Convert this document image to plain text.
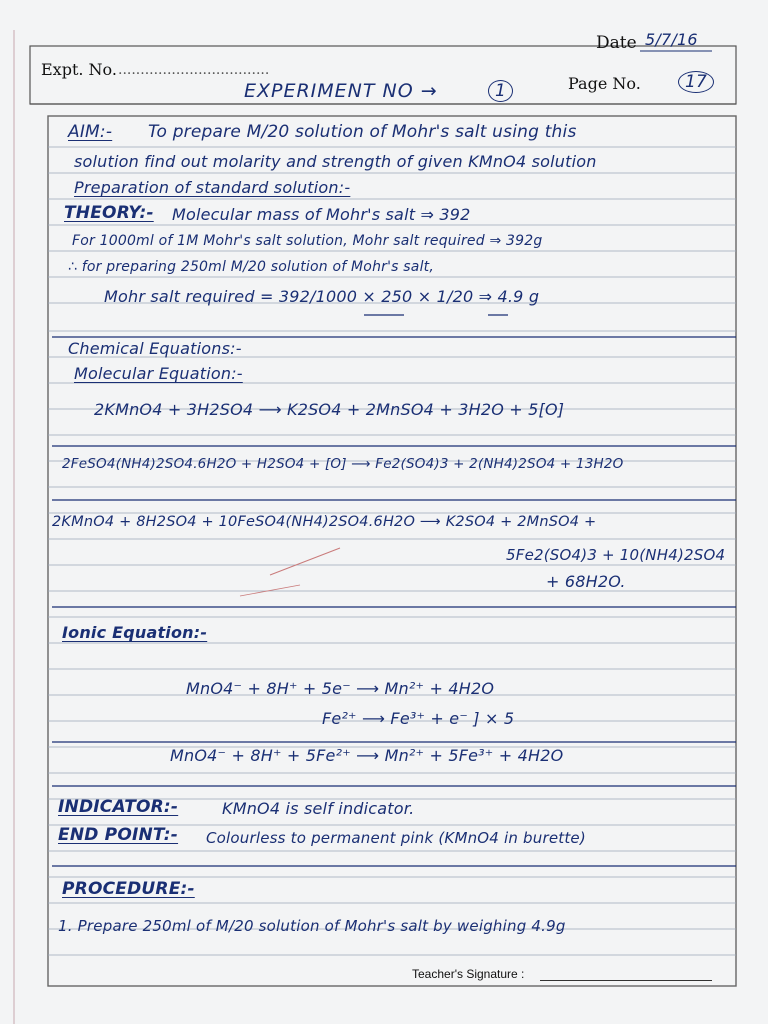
Date 5/7/16
Expt. No. ..................................
Page No.	17
EXPERIMENT NO →	1
AIM:- To prepare M/20 solution of Mohr's salt using this
solution find out molarity and strength of given KMnO4 solution
Preparation of standard solution:-
THEORY:- Molecular mass of Mohr's salt ⇒ 392
For 1000ml of 1M Mohr's salt solution, Mohr salt required ⇒ 392g
∴ for preparing 250ml M/20 solution of Mohr's salt,
Mohr salt required = 392/1000 × 250 × 1/20 ⇒ 4.9 g
Chemical Equations:-
Molecular Equation:-
2KMnO4 + 3H2SO4 ⟶ K2SO4 + 2MnSO4 + 3H2O + 5[O]
2FeSO4(NH4)2SO4.6H2O + H2SO4 + [O] ⟶ Fe2(SO4)3 + 2(NH4)2SO4 + 13H2O
2KMnO4 + 8H2SO4 + 10FeSO4(NH4)2SO4.6H2O ⟶ K2SO4 + 2MnSO4 +
5Fe2(SO4)3 + 10(NH4)2SO4
+ 68H2O.
Ionic Equation:-
MnO4⁻ + 8H⁺ + 5e⁻ ⟶ Mn²⁺ + 4H2O
Fe²⁺ ⟶ Fe³⁺ + e⁻ ] × 5
MnO4⁻ + 8H⁺ + 5Fe²⁺ ⟶ Mn²⁺ + 5Fe³⁺ + 4H2O
INDICATOR:-	KMnO4 is self indicator.
END POINT:- Colourless to permanent pink (KMnO4 in burette)
PROCEDURE:-
1. Prepare 250ml of M/20 solution of Mohr's salt by weighing 4.9g
Teacher's Signature :
